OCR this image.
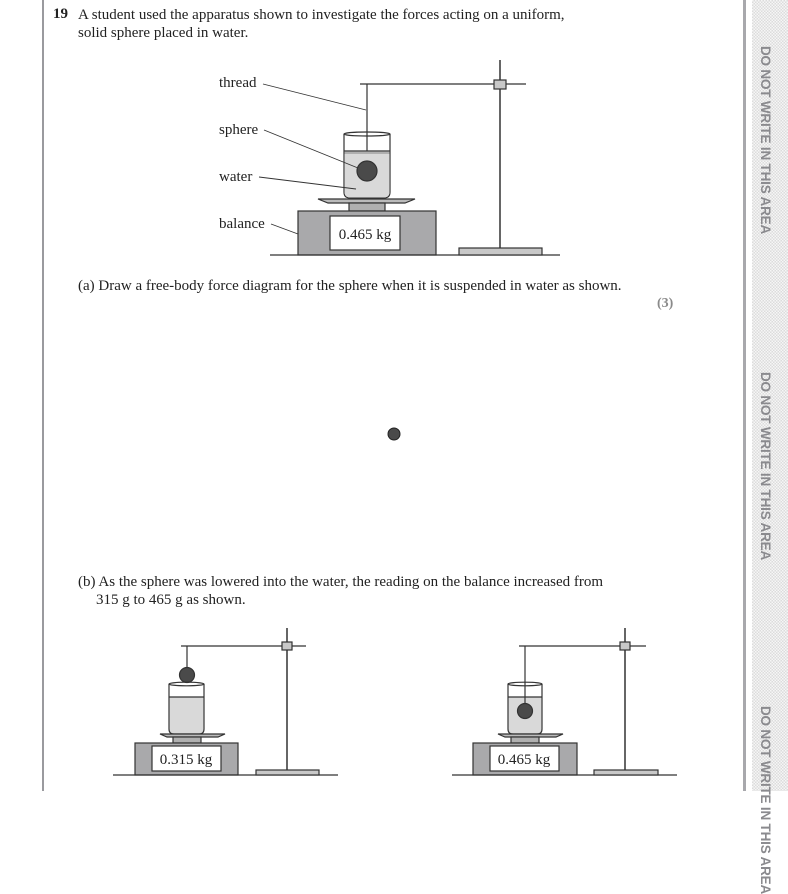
DO NOT WRITE IN THIS AREA
DO NOT WRITE IN THIS AREA
DO NOT WRITE IN THIS AREA
19 A student used the apparatus shown to investigate the forces acting on a uniform,
solid sphere placed in water.
(a) Draw a free-body force diagram for the sphere when it is suspended in water as shown.
(3)
(b) As the sphere was lowered into the water, the reading on the balance increased from
315 g to 465 g as shown.
thread
sphere
water
balance
0.465 kg
0.315 kg	0.465 kg
